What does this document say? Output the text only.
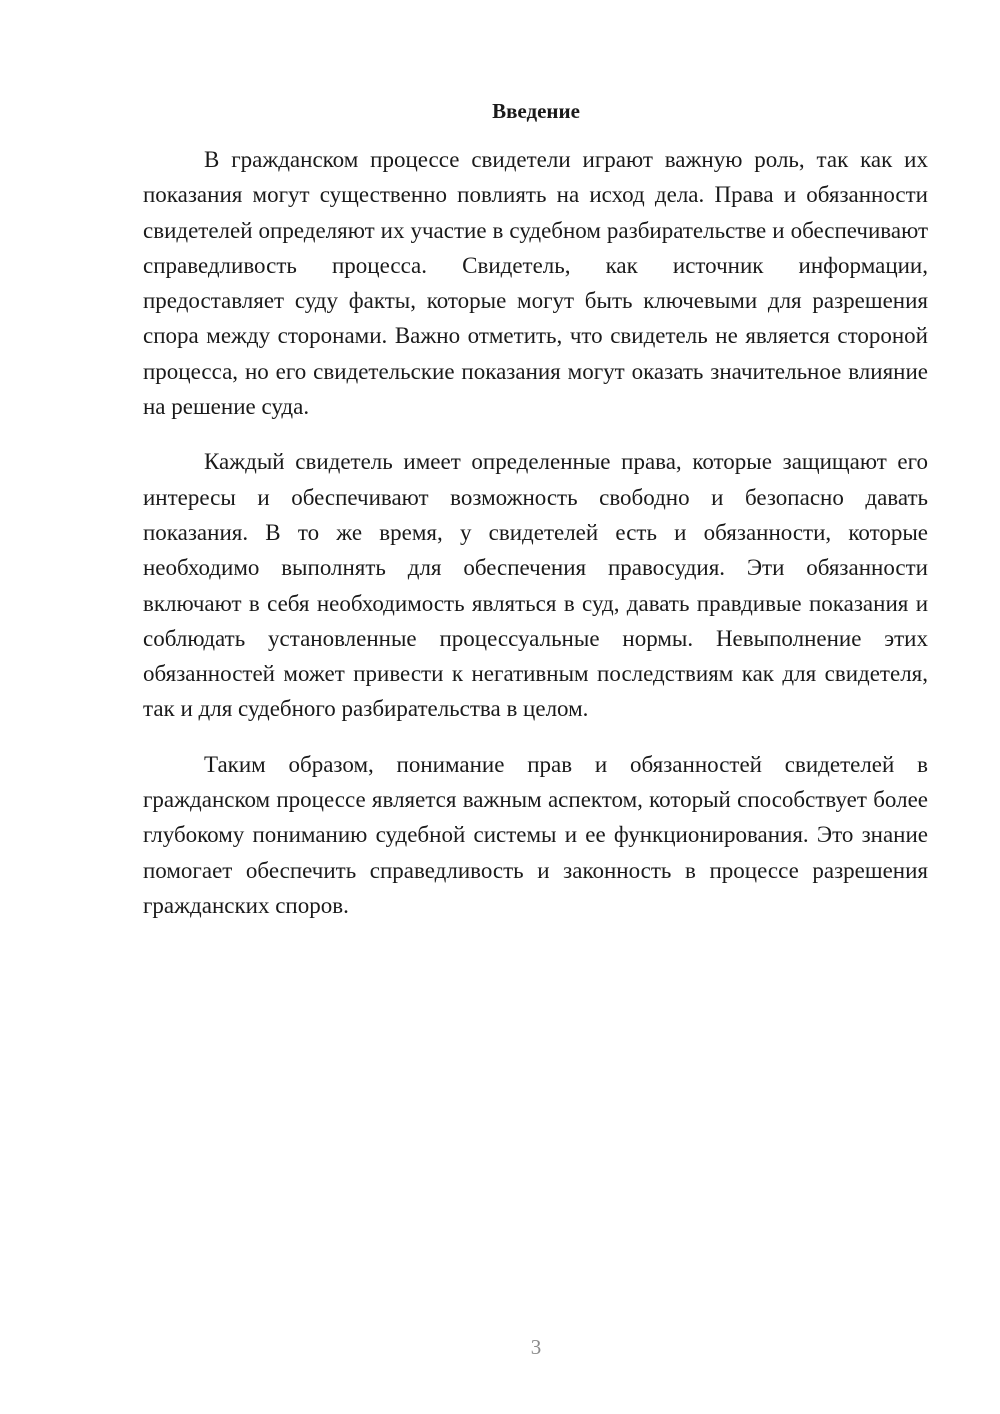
Введение

В гражданском процессе свидетели играют важную роль, так как их показания могут существенно повлиять на исход дела. Права и обязанности свидетелей определяют их участие в судебном разбирательстве и обеспечивают справедливость процесса. Свидетель, как источник информации, предоставляет суду факты, которые могут быть ключевыми для разрешения спора между сторонами. Важно отметить, что свидетель не является стороной процесса, но его свидетельские показания могут оказать значительное влияние на решение суда.

Каждый свидетель имеет определенные права, которые защищают его интересы и обеспечивают возможность свободно и безопасно давать показания. В то же время, у свидетелей есть и обязанности, которые необходимо выполнять для обеспечения правосудия. Эти обязанности включают в себя необходимость являться в суд, давать правдивые показания и соблюдать установленные процессуальные нормы. Невыполнение этих обязанностей может привести к негативным последствиям как для свидетеля, так и для судебного разбирательства в целом.

Таким образом, понимание прав и обязанностей свидетелей в гражданском процессе является важным аспектом, который способствует более глубокому пониманию судебной системы и ее функционирования. Это знание помогает обеспечить справедливость и законность в процессе разрешения гражданских споров.

3
